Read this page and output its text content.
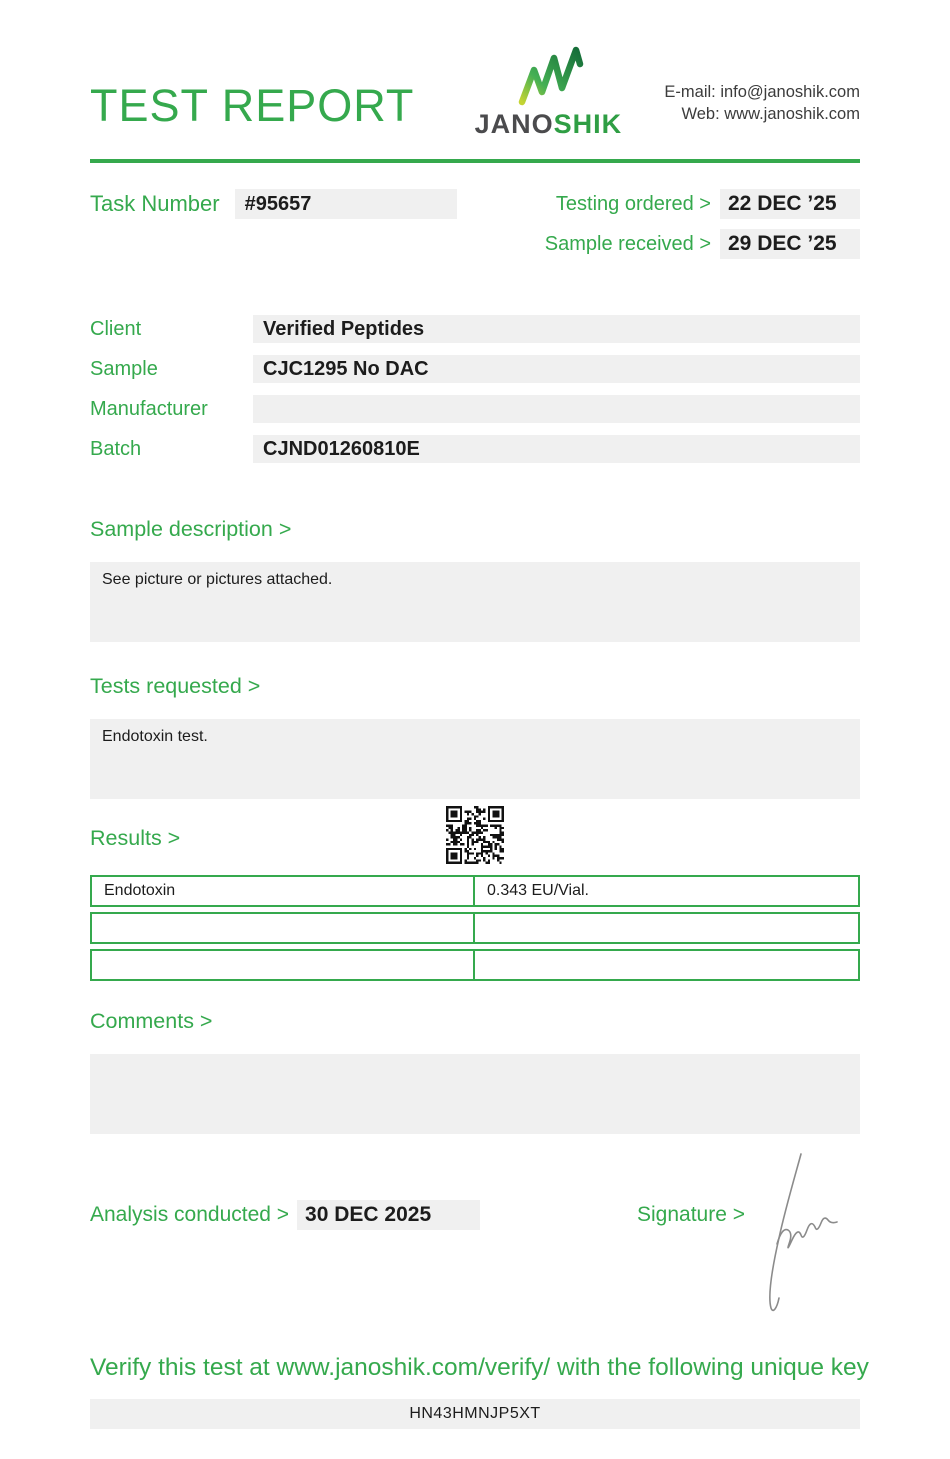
TEST REPORT JANOSHIK
E-mail: info@janoshik.com
Web: www.janoshik.com
Task Number	#95657	Testing ordered > 22 DEC ’25
Sample received > 29 DEC ’25
Client	Verified Peptides
Sample	CJC1295 No DAC
Manufacturer
Batch	CJND01260810E
Sample description >
See picture or pictures attached.
Tests requested >
Endotoxin test.
Results >
Endotoxin	0.343 EU/Vial.
Comments >
Analysis conducted > 30 DEC 2025	Signature >
Verify this test at www.janoshik.com/verify/ with the following unique key
HN43HMNJP5XT
